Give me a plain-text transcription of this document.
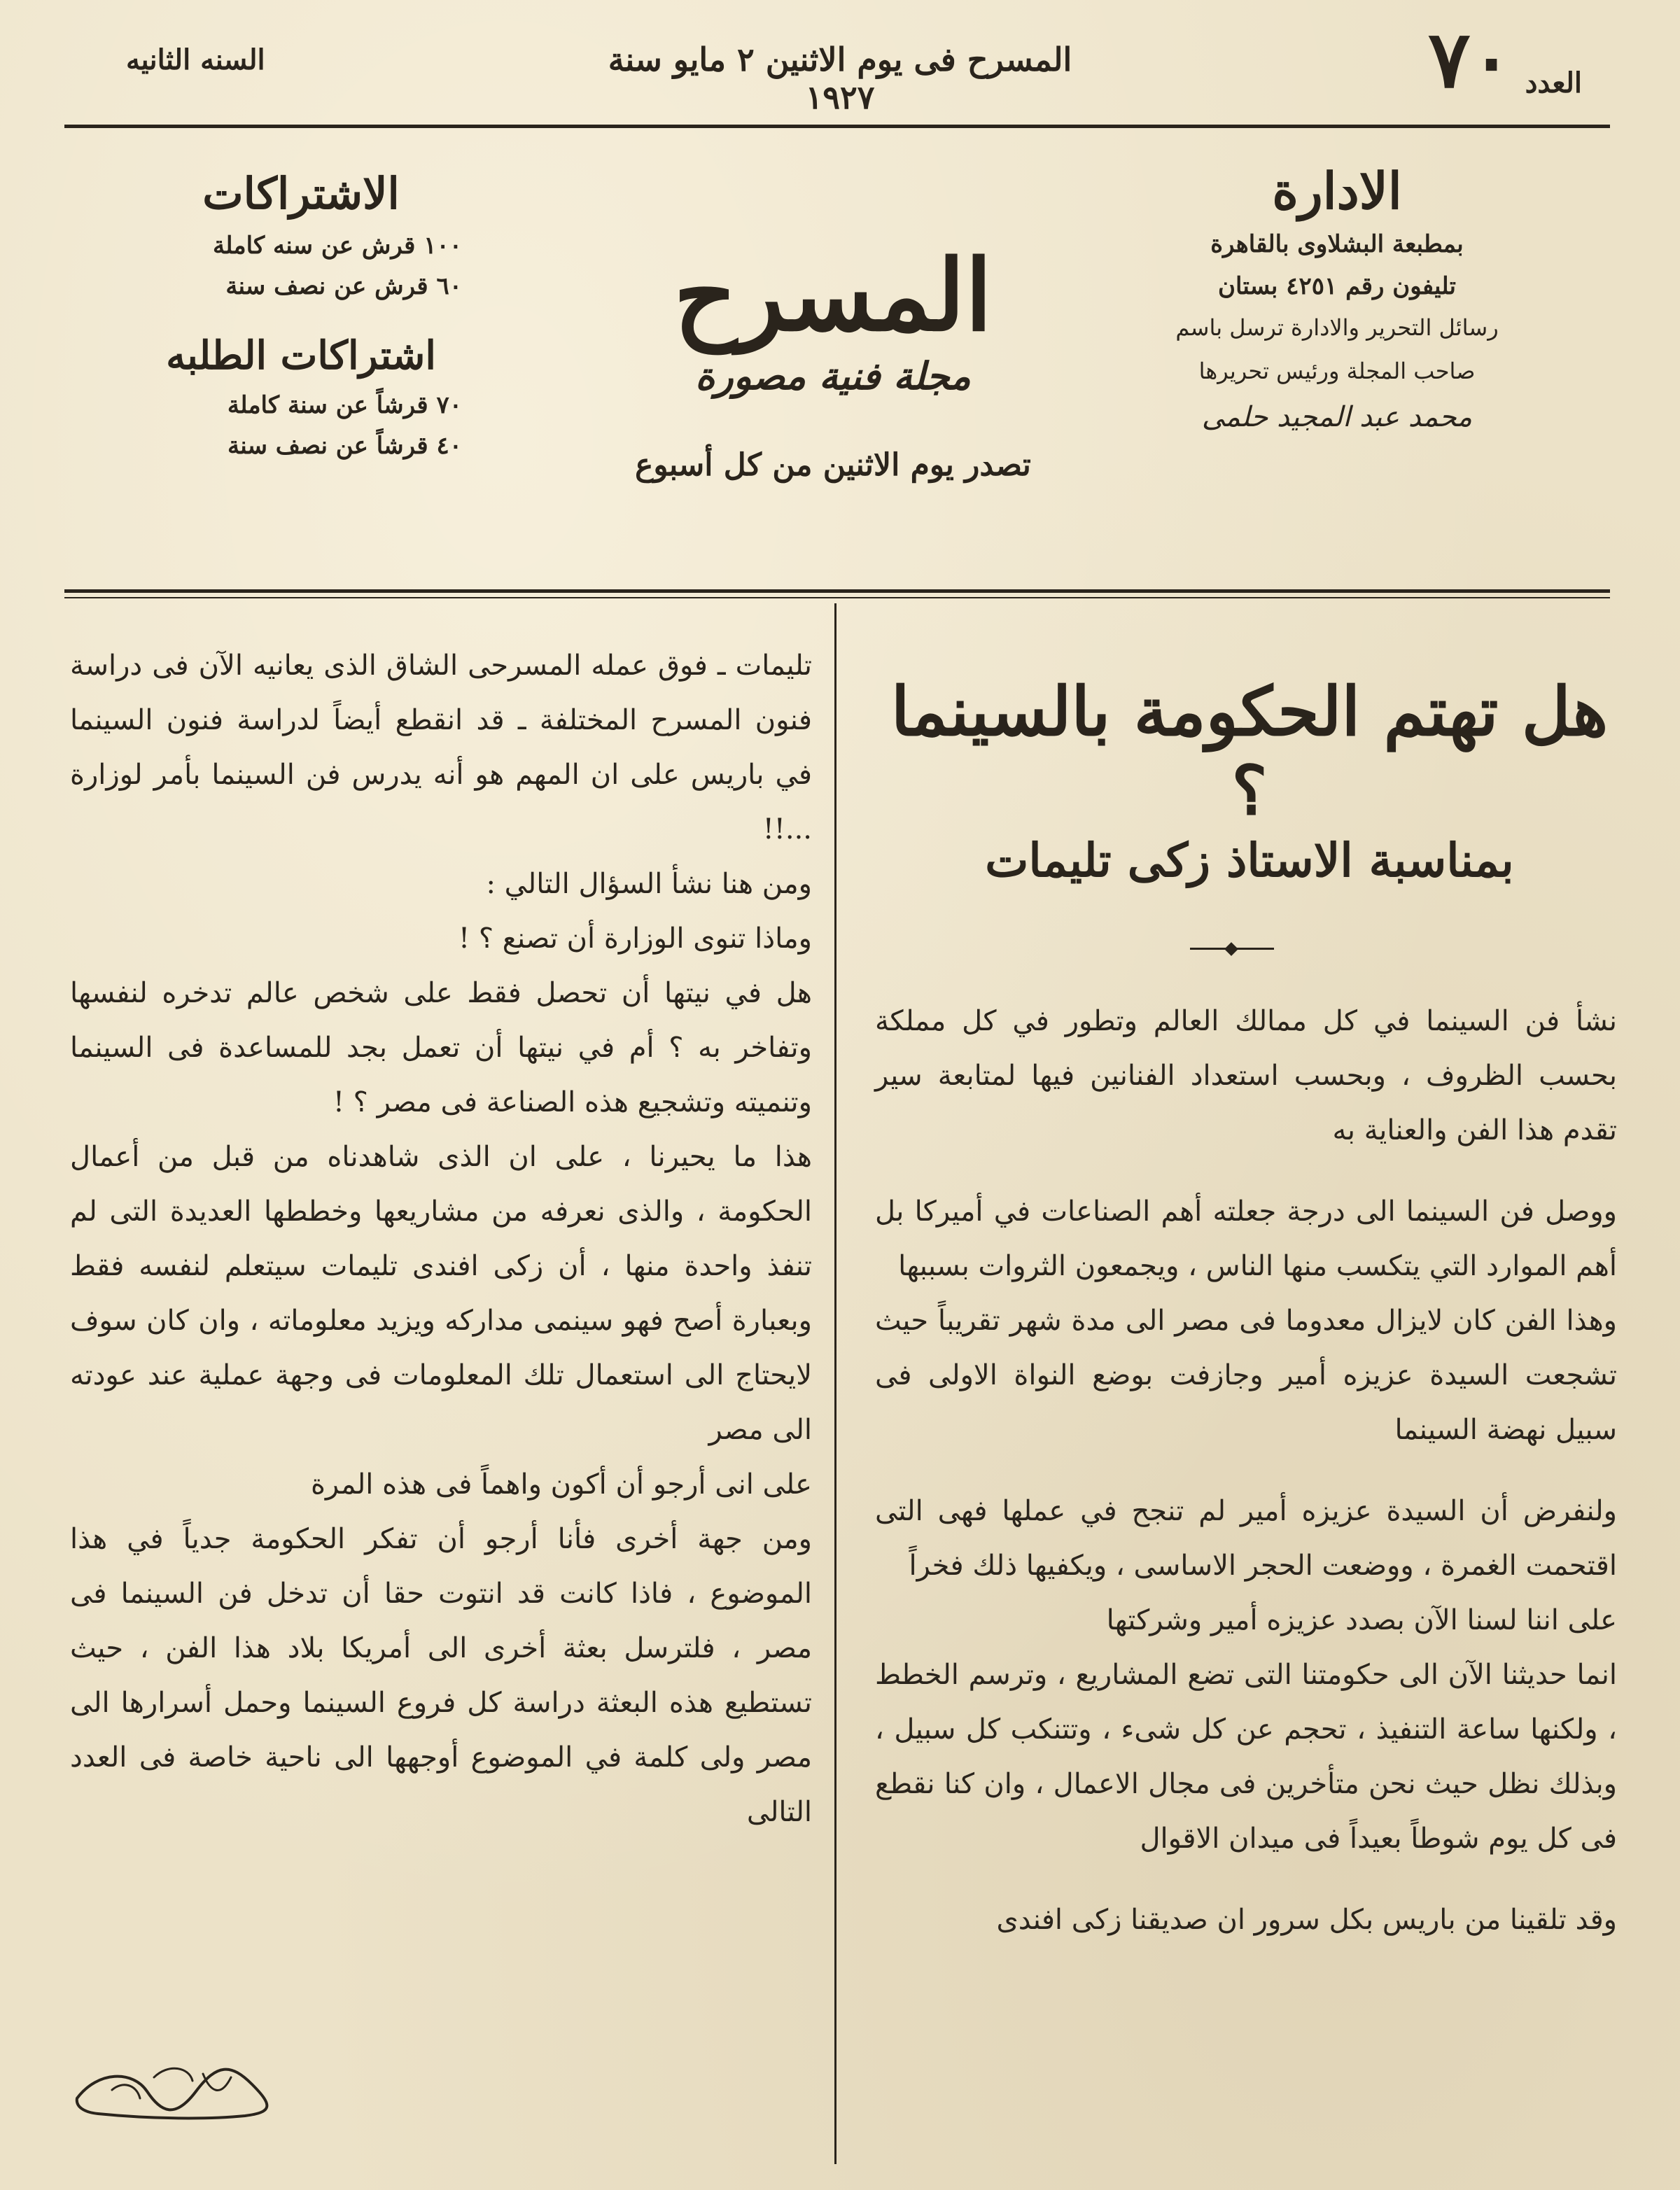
السنه الثانيه	المسرح فى يوم الاثنين ٢ مايو سنة ١٩٢٧	العدد
٧٠
الادارة
بمطبعة البشلاوى بالقاهرة
تليفون رقم ٤٢٥١ بستان
رسائل التحرير والادارة ترسل باسم
صاحب المجلة ورئيس تحريرها
محمد عبد المجيد حلمى
المسرح
مجلة فنية مصورة
تصدر يوم الاثنين من كل أسبوع
الاشتراكات
١٠٠ قرش عن سنه كاملة
٦٠ قرش عن نصف سنة
اشتراكات الطلبه
٧٠ قرشاً عن سنة كاملة
٤٠ قرشاً عن نصف سنة
هل تهتم الحكومة بالسينما ؟
بمناسبة الاستاذ زكى تليمات

نشأ فن السينما في كل ممالك العالم وتطور في كل مملكة بحسب الظروف ، وبحسب استعداد الفنانين فيها لمتابعة سير تقدم هذا الفن والعناية به

ووصل فن السينما الى درجة جعلته أهم الصناعات في أميركا بل أهم الموارد التي يتكسب منها الناس ، ويجمعون الثروات بسببها

وهذا الفن كان لايزال معدوما فى مصر الى مدة شهر تقريباً حيث تشجعت السيدة عزيزه أمير وجازفت بوضع النواة الاولى فى سبيل نهضة السينما

ولنفرض أن السيدة عزيزه أمير لم تنجح في عملها فهى التى اقتحمت الغمرة ، ووضعت الحجر الاساسى ، ويكفيها ذلك فخراً

على اننا لسنا الآن بصدد عزيزه أمير وشركتها

انما حديثنا الآن الى حكومتنا التى تضع المشاريع ، وترسم الخطط ، ولكنها ساعة التنفيذ ، تحجم عن كل شىء ، وتتنكب كل سبيل ، وبذلك نظل حيث نحن متأخرين فى مجال الاعمال ، وان كنا نقطع فى كل يوم شوطاً بعيداً فى ميدان الاقوال

وقد تلقينا من باريس بكل سرور ان صديقنا زكى افندى

تليمات ـ فوق عمله المسرحى الشاق الذى يعانيه الآن فى دراسة فنون المسرح المختلفة ـ قد انقطع أيضاً لدراسة فنون السينما في باريس على ان المهم هو أنه يدرس فن السينما بأمر لوزارة ...!!

ومن هنا نشأ السؤال التالي :

وماذا تنوى الوزارة أن تصنع ؟ !

هل في نيتها أن تحصل فقط على شخص عالم تدخره لنفسها وتفاخر به ؟ أم في نيتها أن تعمل بجد للمساعدة فى السينما وتنميته وتشجيع هذه الصناعة فى مصر ؟ !

هذا ما يحيرنا ، على ان الذى شاهدناه من قبل من أعمال الحكومة ، والذى نعرفه من مشاريعها وخططها العديدة التى لم تنفذ واحدة منها ، أن زكى افندى تليمات سيتعلم لنفسه فقط وبعبارة أصح فهو سينمى مداركه ويزيد معلوماته ، وان كان سوف لايحتاج الى استعمال تلك المعلومات فى وجهة عملية عند عودته الى مصر

على انى أرجو أن أكون واهماً فى هذه المرة

ومن جهة أخرى فأنا أرجو أن تفكر الحكومة جدياً في هذا الموضوع ، فاذا كانت قد انتوت حقا أن تدخل فن السينما فى مصر ، فلترسل بعثة أخرى الى أمريكا بلاد هذا الفن ، حيث تستطيع هذه البعثة دراسة كل فروع السينما وحمل أسرارها الى مصر ولى كلمة في الموضوع أوجهها الى ناحية خاصة فى العدد التالى
